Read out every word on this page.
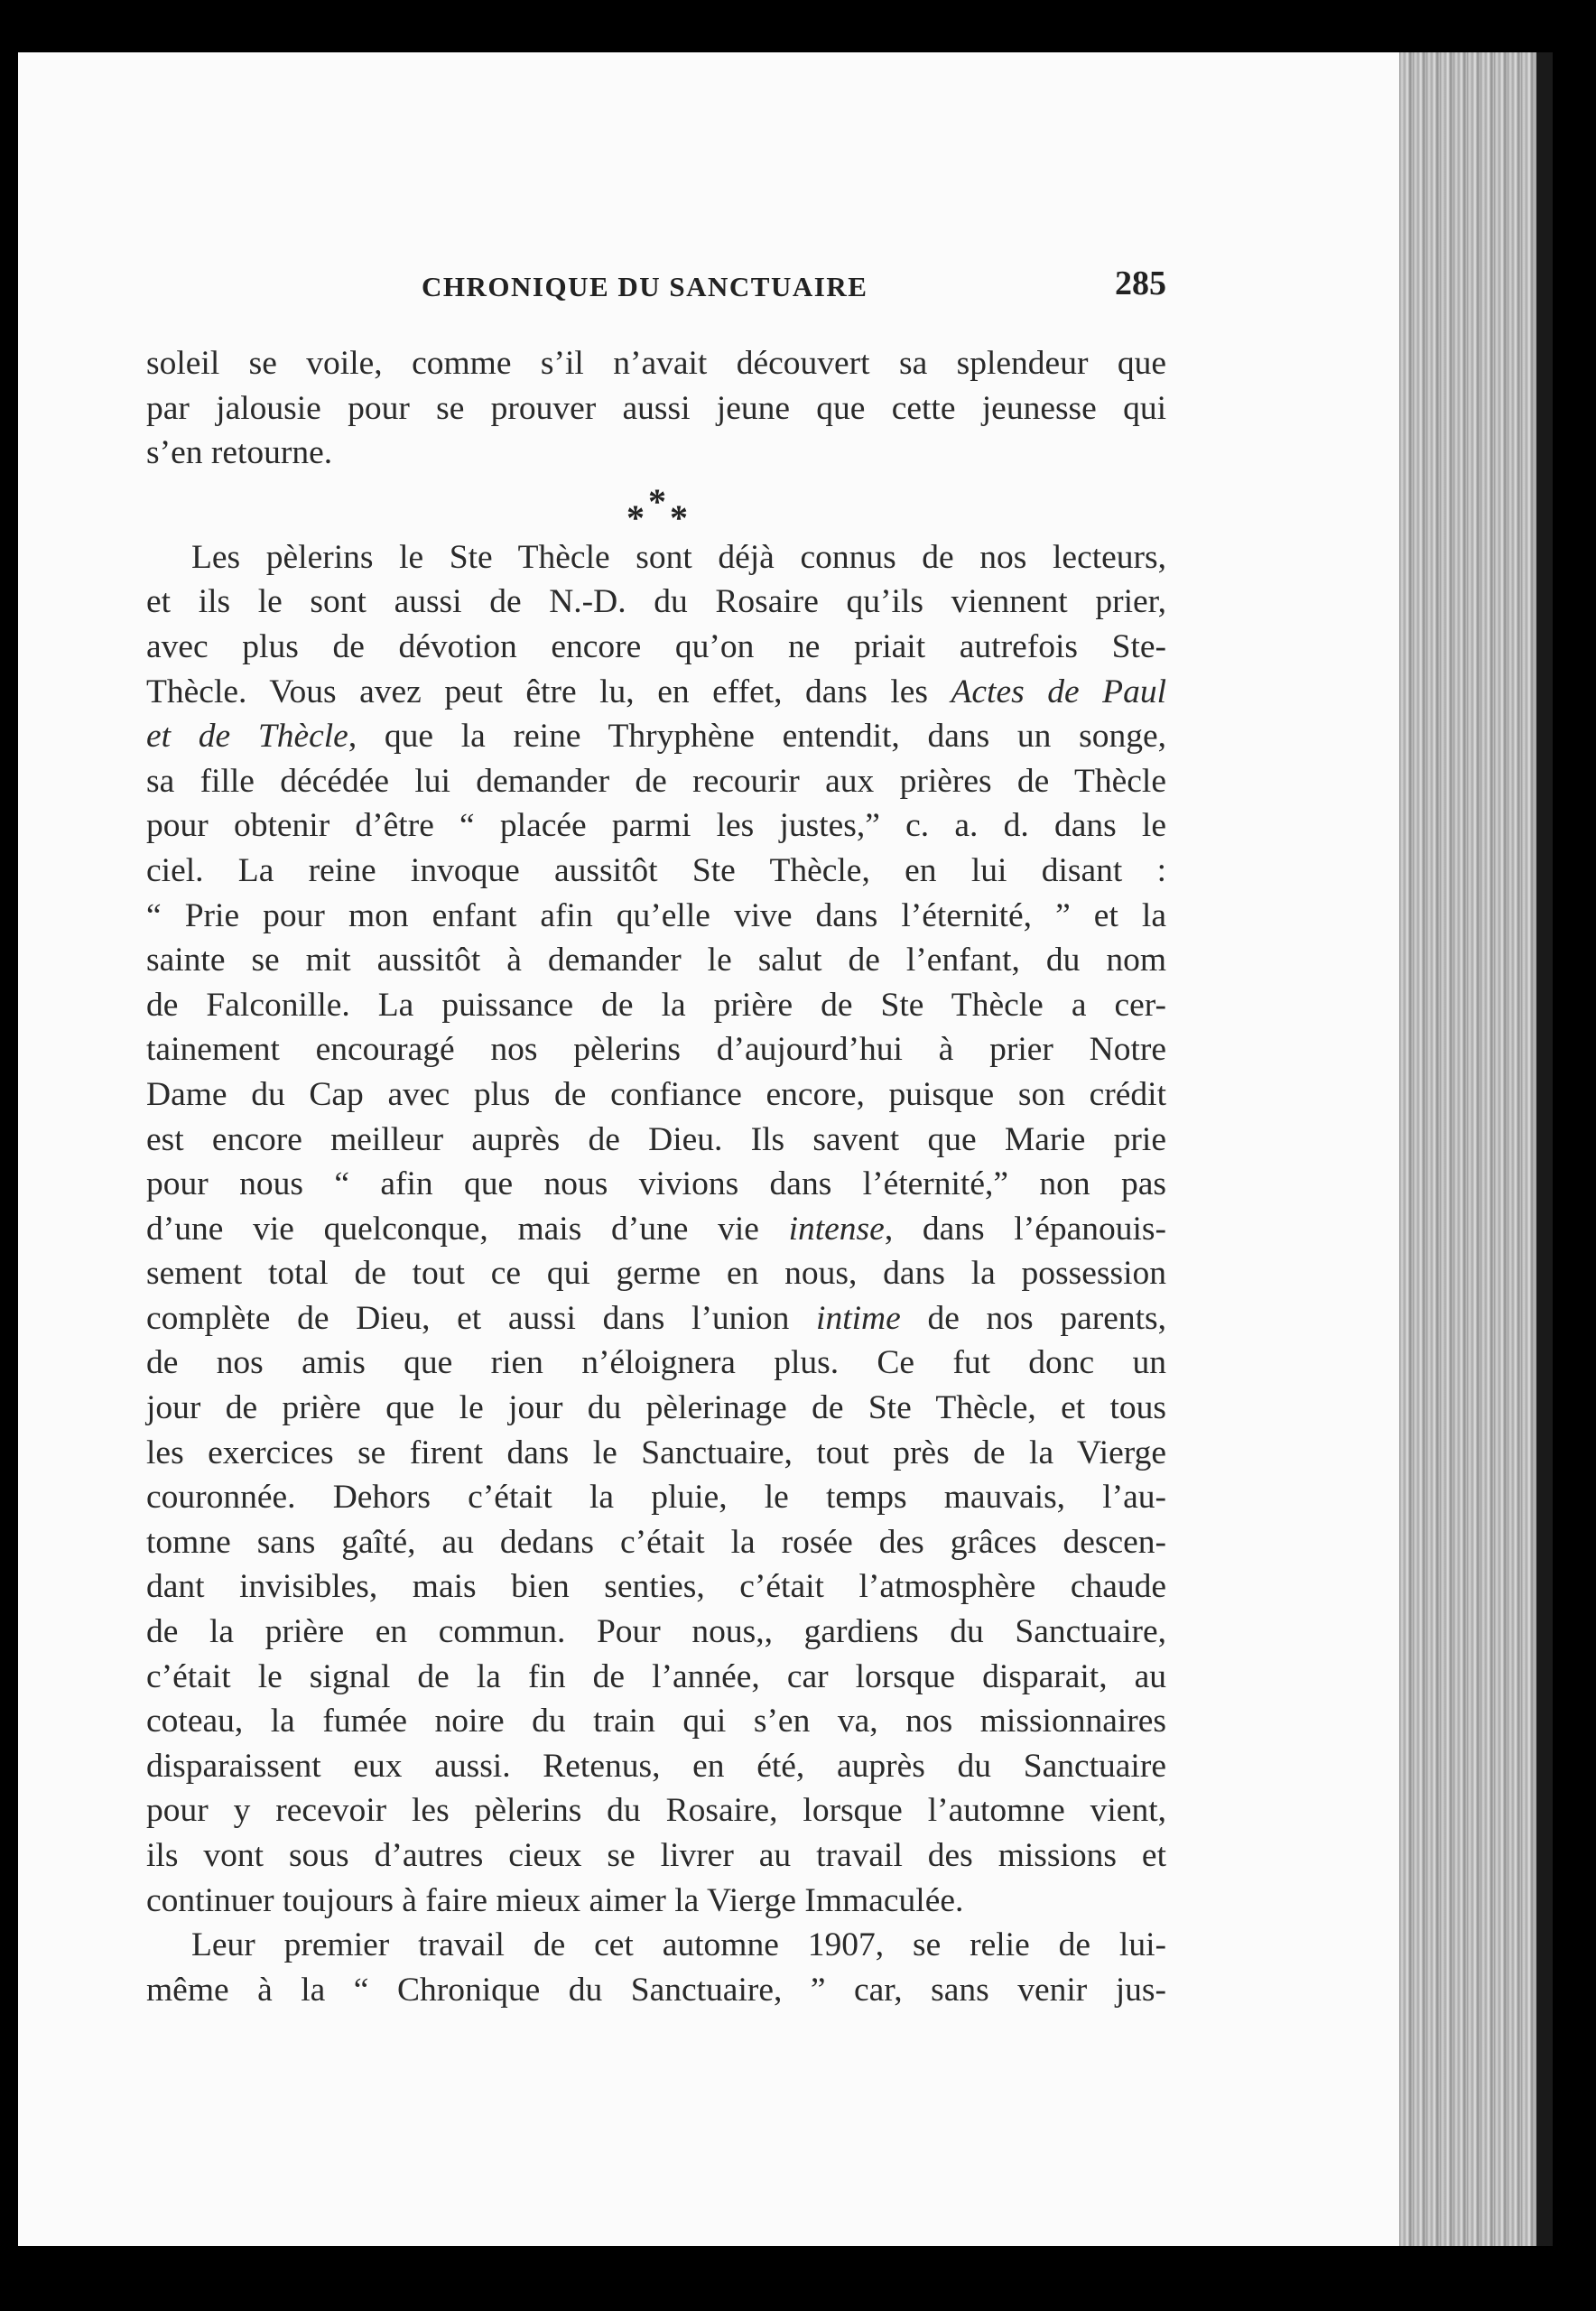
CHRONIQUE DU SANCTUAIRE	285
* * *
soleil se voile, comme s’il n’avait découvert sa splendeur que
par jalousie pour se prouver aussi jeune que cette jeunesse qui
s’en retourne.
Les pèlerins le Ste Thècle sont déjà connus de nos lecteurs,
et ils le sont aussi de N.-D. du Rosaire qu’ils viennent prier,
avec plus de dévotion encore qu’on ne priait autrefois Ste-
Thècle. Vous avez peut être lu, en effet, dans les Actes de Paul
et de Thècle, que la reine Thryphène entendit, dans un songe,
sa fille décédée lui demander de recourir aux prières de Thècle
pour obtenir d’être “ placée parmi les justes,” c. a. d. dans le
ciel. La reine invoque aussitôt Ste Thècle, en lui disant :
“ Prie pour mon enfant afin qu’elle vive dans l’éternité, ” et la
sainte se mit aussitôt à demander le salut de l’enfant, du nom
de Falconille. La puissance de la prière de Ste Thècle a cer-
tainement encouragé nos pèlerins d’aujourd’hui à prier Notre
Dame du Cap avec plus de confiance encore, puisque son crédit
est encore meilleur auprès de Dieu. Ils savent que Marie prie
pour nous “ afin que nous vivions dans l’éternité,” non pas
d’une vie quelconque, mais d’une vie intense, dans l’épanouis-
sement total de tout ce qui germe en nous, dans la possession
complète de Dieu, et aussi dans l’union intime de nos parents,
de nos amis que rien n’éloignera plus. Ce fut donc un
jour de prière que le jour du pèlerinage de Ste Thècle, et tous
les exercices se firent dans le Sanctuaire, tout près de la Vierge
couronnée. Dehors c’était la pluie, le temps mauvais, l’au-
tomne sans gaîté, au dedans c’était la rosée des grâces descen-
dant invisibles, mais bien senties, c’était l’atmosphère chaude
de la prière en commun. Pour nous,, gardiens du Sanctuaire,
c’était le signal de la fin de l’année, car lorsque disparait, au
coteau, la fumée noire du train qui s’en va, nos missionnaires
disparaissent eux aussi. Retenus, en été, auprès du Sanctuaire
pour y recevoir les pèlerins du Rosaire, lorsque l’automne vient,
ils vont sous d’autres cieux se livrer au travail des missions et
continuer toujours à faire mieux aimer la Vierge Immaculée.
Leur premier travail de cet automne 1907, se relie de lui-
même à la “ Chronique du Sanctuaire, ” car, sans venir jus-
